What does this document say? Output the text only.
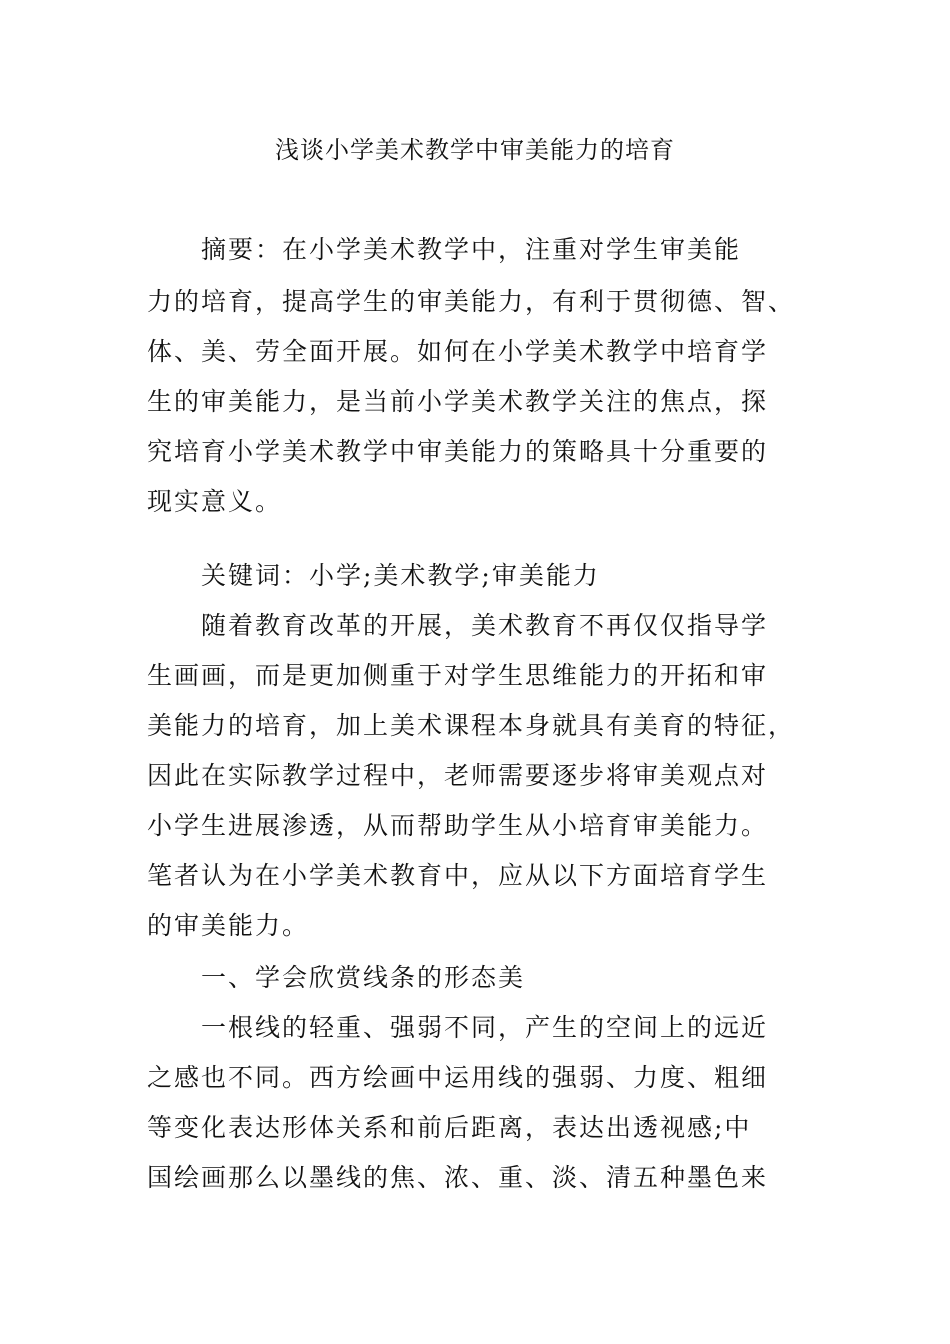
浅谈小学美术教学中审美能力的培育
　　摘要：在小学美术教学中，注重对学生审美能
力的培育，提高学生的审美能力，有利于贯彻德、智、
体、美、劳全面开展。如何在小学美术教学中培育学
生的审美能力，是当前小学美术教学关注的焦点，探
究培育小学美术教学中审美能力的策略具十分重要的
现实意义。
　　关键词：小学;美术教学;审美能力
　　随着教育改革的开展，美术教育不再仅仅指导学
生画画，而是更加侧重于对学生思维能力的开拓和审
美能力的培育，加上美术课程本身就具有美育的特征，
因此在实际教学过程中，老师需要逐步将审美观点对
小学生进展渗透，从而帮助学生从小培育审美能力。
笔者认为在小学美术教育中，应从以下方面培育学生
的审美能力。
　　一、学会欣赏线条的形态美
　　一根线的轻重、强弱不同，产生的空间上的远近
之感也不同。西方绘画中运用线的强弱、力度、粗细
等变化表达形体关系和前后距离，表达出透视感;中
国绘画那么以墨线的焦、浓、重、淡、清五种墨色来
